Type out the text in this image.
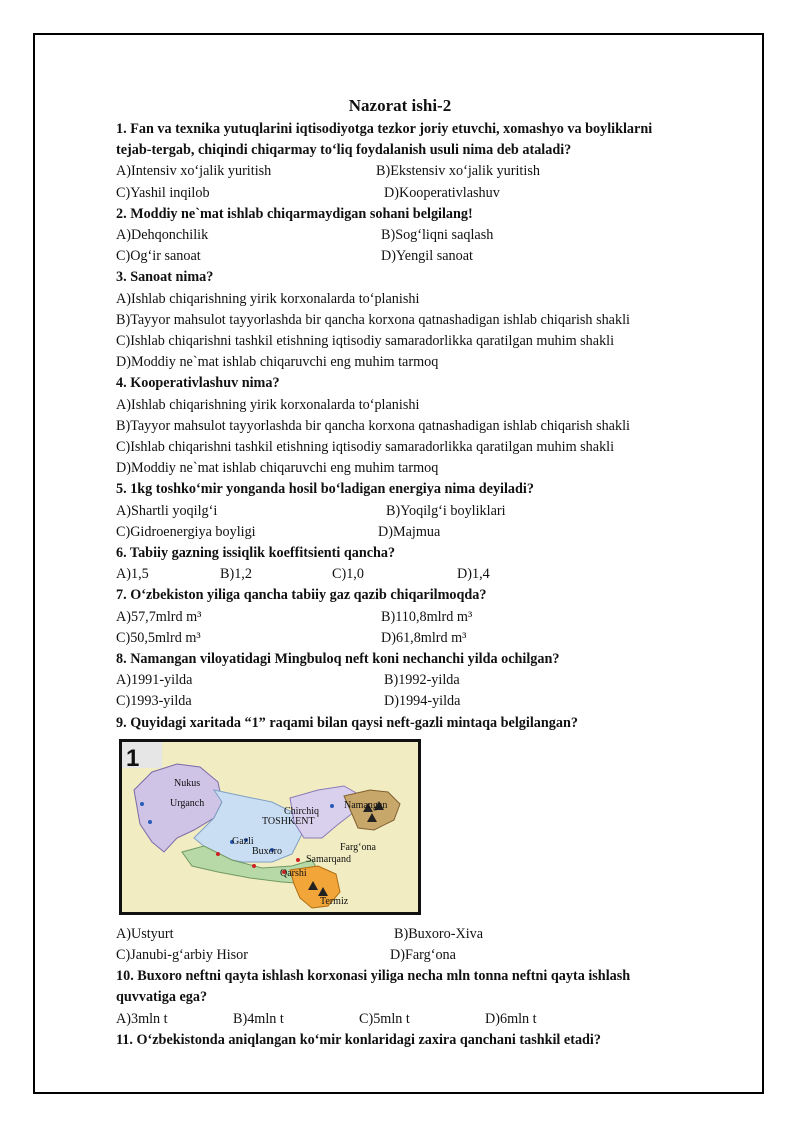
Nazorat ishi-2
1. Fan va texnika yutuqlarini iqtisodiyotga tezkor joriy etuvchi, xomashyo va boyliklarni
tejab-tergab, chiqindi chiqarmay to‘liq foydalanish usuli nima deb ataladi?
A)Intensiv xo‘jalik yuritish	B)Ekstensiv xo‘jalik yuritish
C)Yashil inqilob	D)Kooperativlashuv
2. Moddiy ne`mat ishlab chiqarmaydigan sohani belgilang!
A)Dehqonchilik	B)Sog‘liqni saqlash
C)Og‘ir sanoat	D)Yengil sanoat
3. Sanoat nima?
A)Ishlab chiqarishning yirik korxonalarda to‘planishi
B)Tayyor mahsulot tayyorlashda bir qancha korxona qatnashadigan ishlab chiqarish shakli
C)Ishlab chiqarishni tashkil etishning iqtisodiy samaradorlikka qaratilgan muhim shakli
D)Moddiy ne`mat ishlab chiqaruvchi eng muhim tarmoq
4. Kooperativlashuv nima?
A)Ishlab chiqarishning yirik korxonalarda to‘planishi
B)Tayyor mahsulot tayyorlashda bir qancha korxona qatnashadigan ishlab chiqarish shakli
C)Ishlab chiqarishni tashkil etishning iqtisodiy samaradorlikka qaratilgan muhim shakli
D)Moddiy ne`mat ishlab chiqaruvchi eng muhim tarmoq
5. 1kg toshko‘mir yonganda hosil bo‘ladigan energiya nima deyiladi?
A)Shartli yoqilg‘i	B)Yoqilg‘i boyliklari
C)Gidroenergiya boyligi	D)Majmua
6. Tabiiy gazning issiqlik koeffitsienti qancha?
A)1,5	B)1,2	C)1,0	D)1,4
7. O‘zbekiston yiliga qancha tabiiy gaz qazib chiqarilmoqda?
A)57,7mlrd m³	B)110,8mlrd m³
C)50,5mlrd m³	D)61,8mlrd m³
8. Namangan viloyatidagi Mingbuloq neft koni nechanchi yilda ochilgan?
A)1991-yilda	B)1992-yilda
C)1993-yilda	D)1994-yilda
9. Quyidagi xaritada “1” raqami bilan qaysi neft-gazli mintaqa belgilangan?
1
Nukus
Urganch
Chirchiq
TOSHKENT
Namangan
Farg‘ona
Gazli
Buxoro
Samarqand
Qarshi
Termiz
A)Ustyurt	B)Buxoro-Xiva
C)Janubi-g‘arbiy Hisor	D)Farg‘ona
10. Buxoro neftni qayta ishlash korxonasi yiliga necha mln tonna neftni qayta ishlash
quvvatiga ega?
A)3mln t	B)4mln t	C)5mln t	D)6mln t
11. O‘zbekistonda aniqlangan ko‘mir konlaridagi zaxira qanchani tashkil etadi?
